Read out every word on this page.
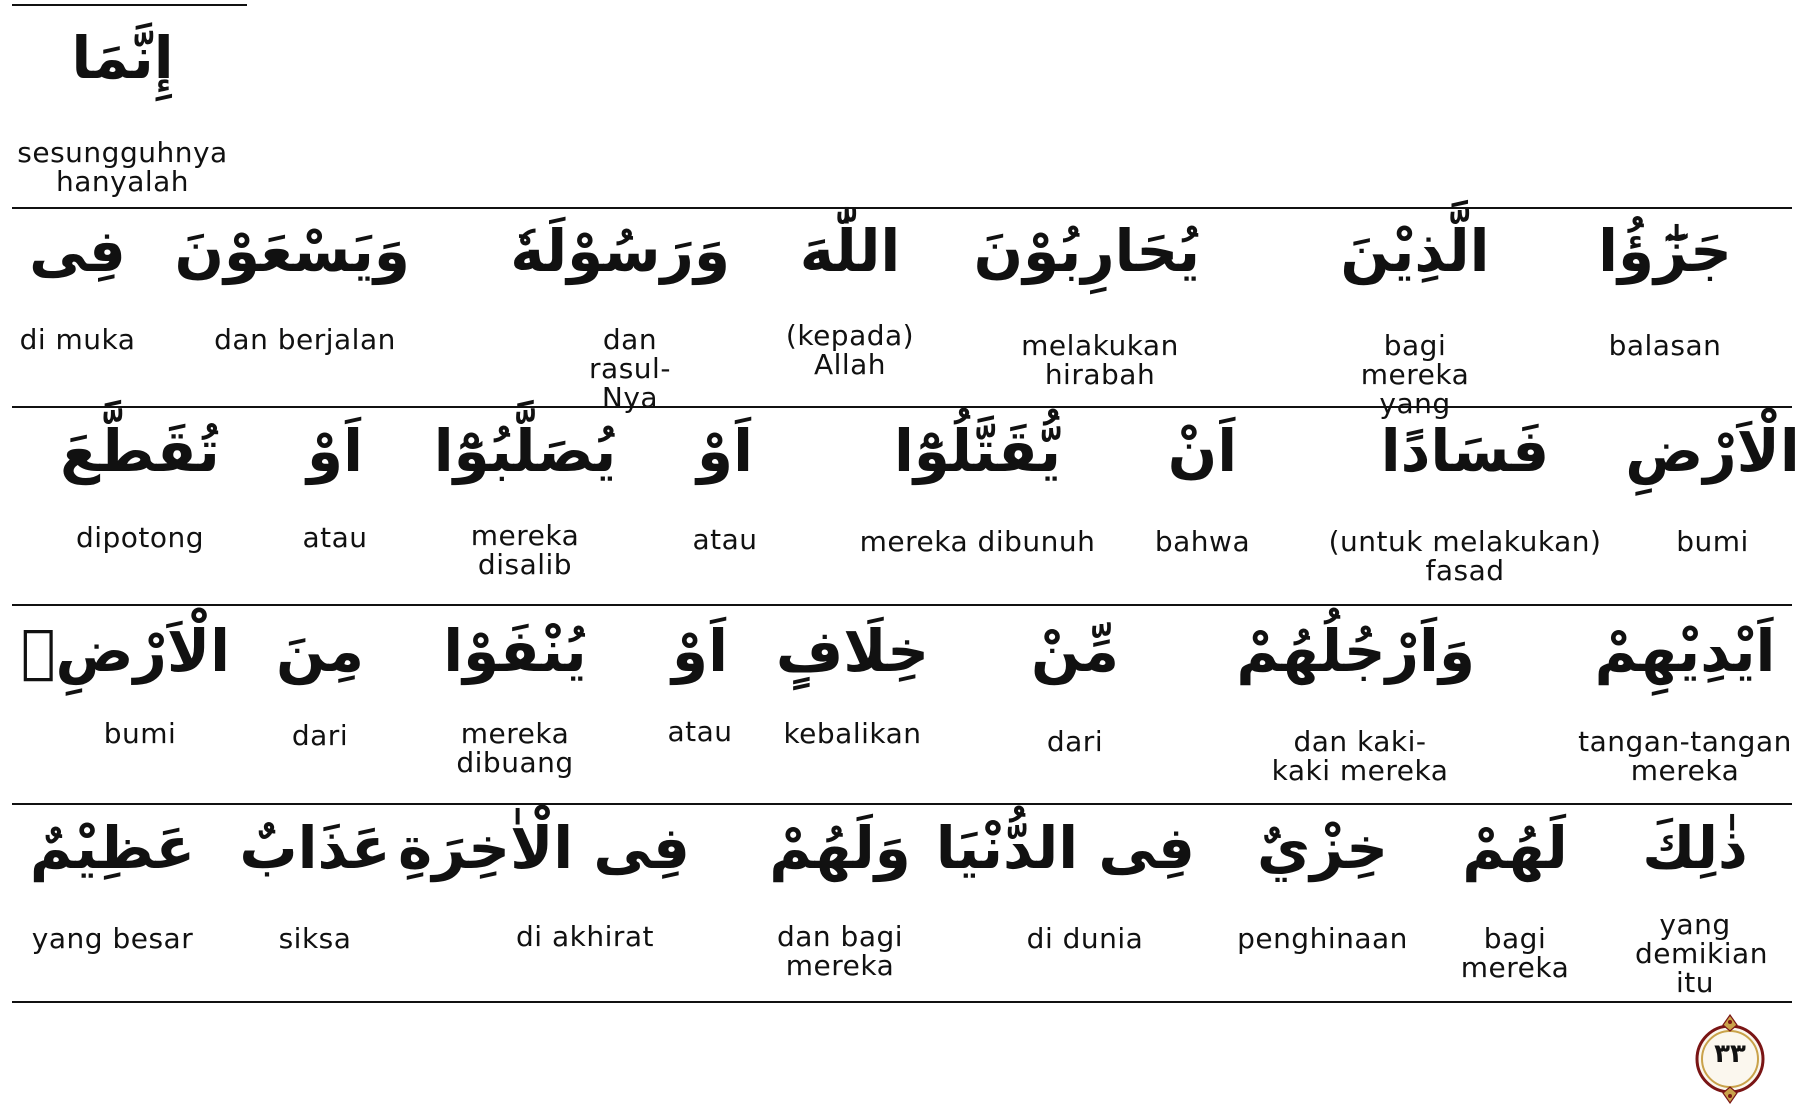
إِنَّمَا
sesungguhnya
hanyalah
جَزَٰٓؤُا
balasan
الَّذِيْنَ
bagi mereka yang
يُحَارِبُوْنَ
melakukan hirabah
اللّٰهَ
(kepada) Allah
وَرَسُوْلَهٗ
dan rasul-Nya
وَيَسْعَوْنَ
dan berjalan
فِى
di muka
الْاَرْضِ
bumi
فَسَادًا
(untuk melakukan) fasad
اَنْ
bahwa
يُّقَتَّلُوْٓا
mereka dibunuh
اَوْ
atau
يُصَلَّبُوْٓا
mereka disalib
اَوْ
atau
تُقَطَّعَ
dipotong
اَيْدِيْهِمْ
tangan-tangan mereka
وَاَرْجُلُهُمْ
dan kaki-kaki mereka
مِّنْ
dari
خِلَافٍ
kebalikan
اَوْ
atau
يُنْفَوْا
mereka dibuang
مِنَ
dari
الْاَرْضِۗ
bumi
ذٰلِكَ
yang demikian itu
لَهُمْ
bagi mereka
خِزْيٌ
penghinaan
فِى الدُّنْيَا
di dunia
وَلَهُمْ
dan bagi mereka
فِى الْاٰخِرَةِ
di akhirat
عَذَابٌ
siksa
عَظِيْمٌ
yang besar
٣٣
